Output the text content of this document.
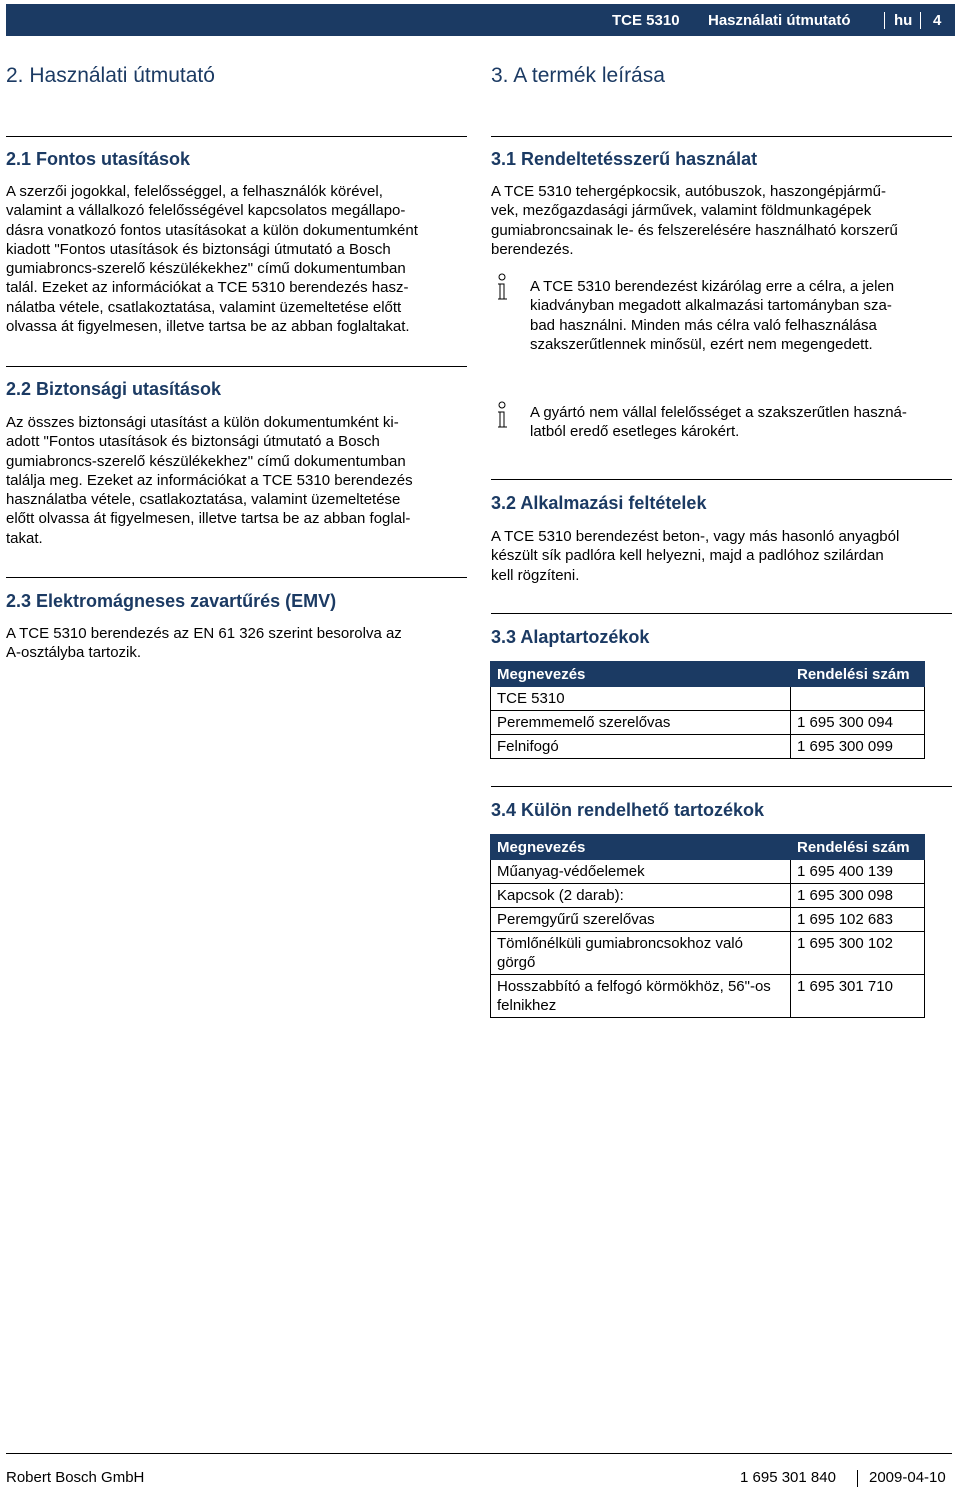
TCE 5310 Használati útmutató	hu 4
2. Használati útmutató	3. A termék leírása
2.1 Fontos utasítások

A szerzői jogokkal, felelősséggel, a felhasználók körével,
valamint a vállalkozó felelősségével kapcsolatos megállapo-
dásra vonatkozó fontos utasításokat a külön dokumentumként
kiadott "Fontos utasítások és biztonsági útmutató a Bosch
gumiabroncs-szerelő készülékekhez" című dokumentumban
talál. Ezeket az információkat a TCE 5310 berendezés hasz-
nálatba vétele, csatlakoztatása, valamint üzemeltetése előtt
olvassa át figyelmesen, illetve tartsa be az abban foglaltakat.

2.2 Biztonsági utasítások

Az összes biztonsági utasítást a külön dokumentumként ki-
adott "Fontos utasítások és biztonsági útmutató a Bosch
gumiabroncs-szerelő készülékekhez" című dokumentumban
találja meg. Ezeket az információkat a TCE 5310 berendezés
használatba vétele, csatlakoztatása, valamint üzemeltetése
előtt olvassa át figyelmesen, illetve tartsa be az abban foglal-
takat.

2.3 Elektromágneses zavartűrés (EMV)

A TCE 5310 berendezés az EN 61 326 szerint besorolva az
A-osztályba tartozik.

3.1 Rendeltetésszerű használat

A TCE 5310 tehergépkocsik, autóbuszok, haszongépjármű-
vek, mezőgazdasági járművek, valamint földmunkagépek
gumiabroncsainak le- és felszerelésére használható korszerű
berendezés.

A TCE 5310 berendezést kizárólag erre a célra, a jelen
kiadványban megadott alkalmazási tartományban sza-
bad használni. Minden más célra való felhasználása
szakszerűtlennek minősül, ezért nem megengedett.

A gyártó nem vállal felelősséget a szakszerűtlen haszná-
latból eredő esetleges károkért.

3.2 Alkalmazási feltételek

A TCE 5310 berendezést beton-, vagy más hasonló anyagból
készült sík padlóra kell helyezni, majd a padlóhoz szilárdan
kell rögzíteni.

3.3 Alaptartozékok
Megnevezés	Rendelési szám
TCE 5310	
Peremmemelő szerelővas	1 695 300 094
Felnifogó	1 695 300 099
3.4 Külön rendelhető tartozékok
Megnevezés	Rendelési szám
Műanyag-védőelemek	1 695 400 139
Kapcsok (2 darab):	1 695 300 098
Peremgyűrű szerelővas	1 695 102 683
Tömlőnélküli gumiabroncsokhoz való görgő	1 695 300 102
Hosszabbító a felfogó körmökhöz, 56"-os felnikhez	1 695 301 710
Robert Bosch GmbH	1 695 301 840 2009-04-10
